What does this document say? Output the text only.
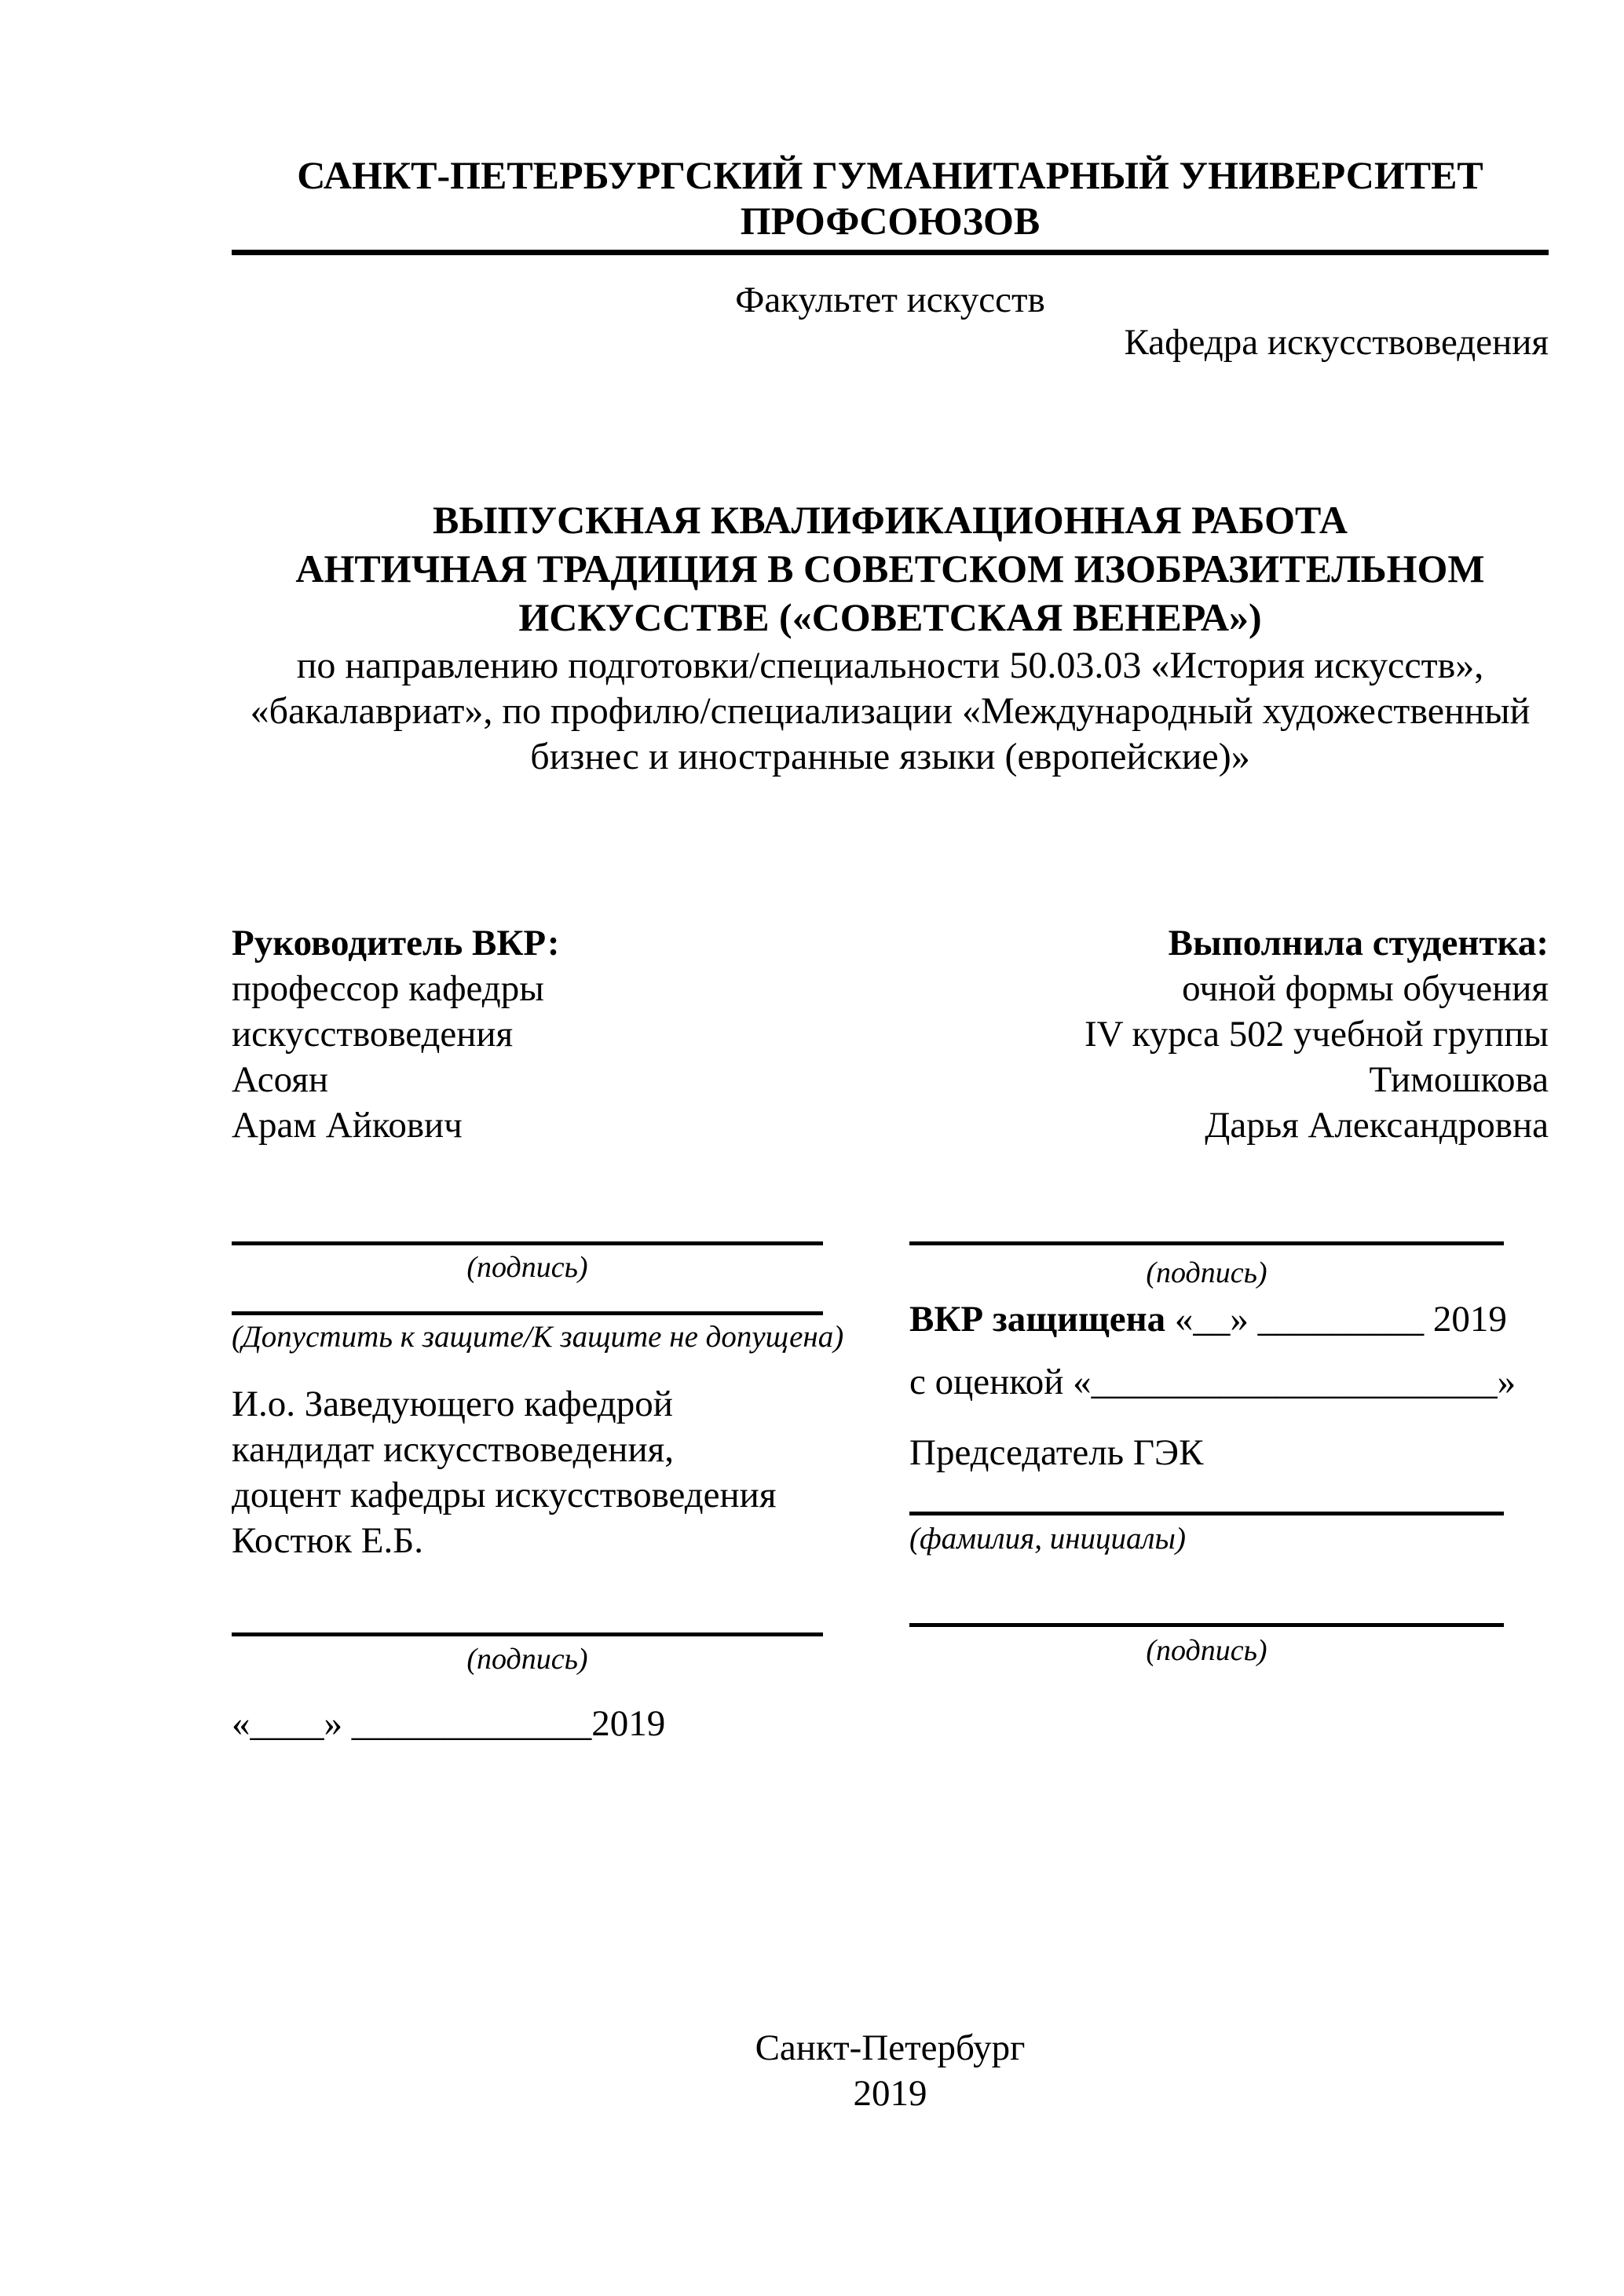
САНКТ-ПЕТЕРБУРГСКИЙ ГУМАНИТАРНЫЙ УНИВЕРСИТЕТ
ПРОФСОЮЗОВ
Факультет искусств
Кафедра искусствоведения
ВЫПУСКНАЯ КВАЛИФИКАЦИОННАЯ РАБОТА
АНТИЧНАЯ ТРАДИЦИЯ В СОВЕТСКОМ ИЗОБРАЗИТЕЛЬНОМ
ИСКУССТВЕ («СОВЕТСКАЯ ВЕНЕРА»)
по направлению подготовки/специальности 50.03.03 «История искусств»,
«бакалавриат», по профилю/специализации «Международный художественный
бизнес и иностранные языки (европейские)»
Руководитель ВКР:
профессор кафедры
искусствоведения
Асоян
Арам Айкович
Выполнила студентка:
очной формы обучения
IV курса 502 учебной группы
Тимошкова
Дарья Александровна
(подпись)
(Допустить к защите/К защите не допущена)
И.о. Заведующего кафедрой
кандидат искусствоведения,
доцент кафедры искусствоведения
Костюк Е.Б.
(подпись)
«____» _____________2019
(подпись)
ВКР защищена «__» _________ 2019
с оценкой «______________________»
Председатель ГЭК
(фамилия, инициалы)
(подпись)
Санкт-Петербург
2019
